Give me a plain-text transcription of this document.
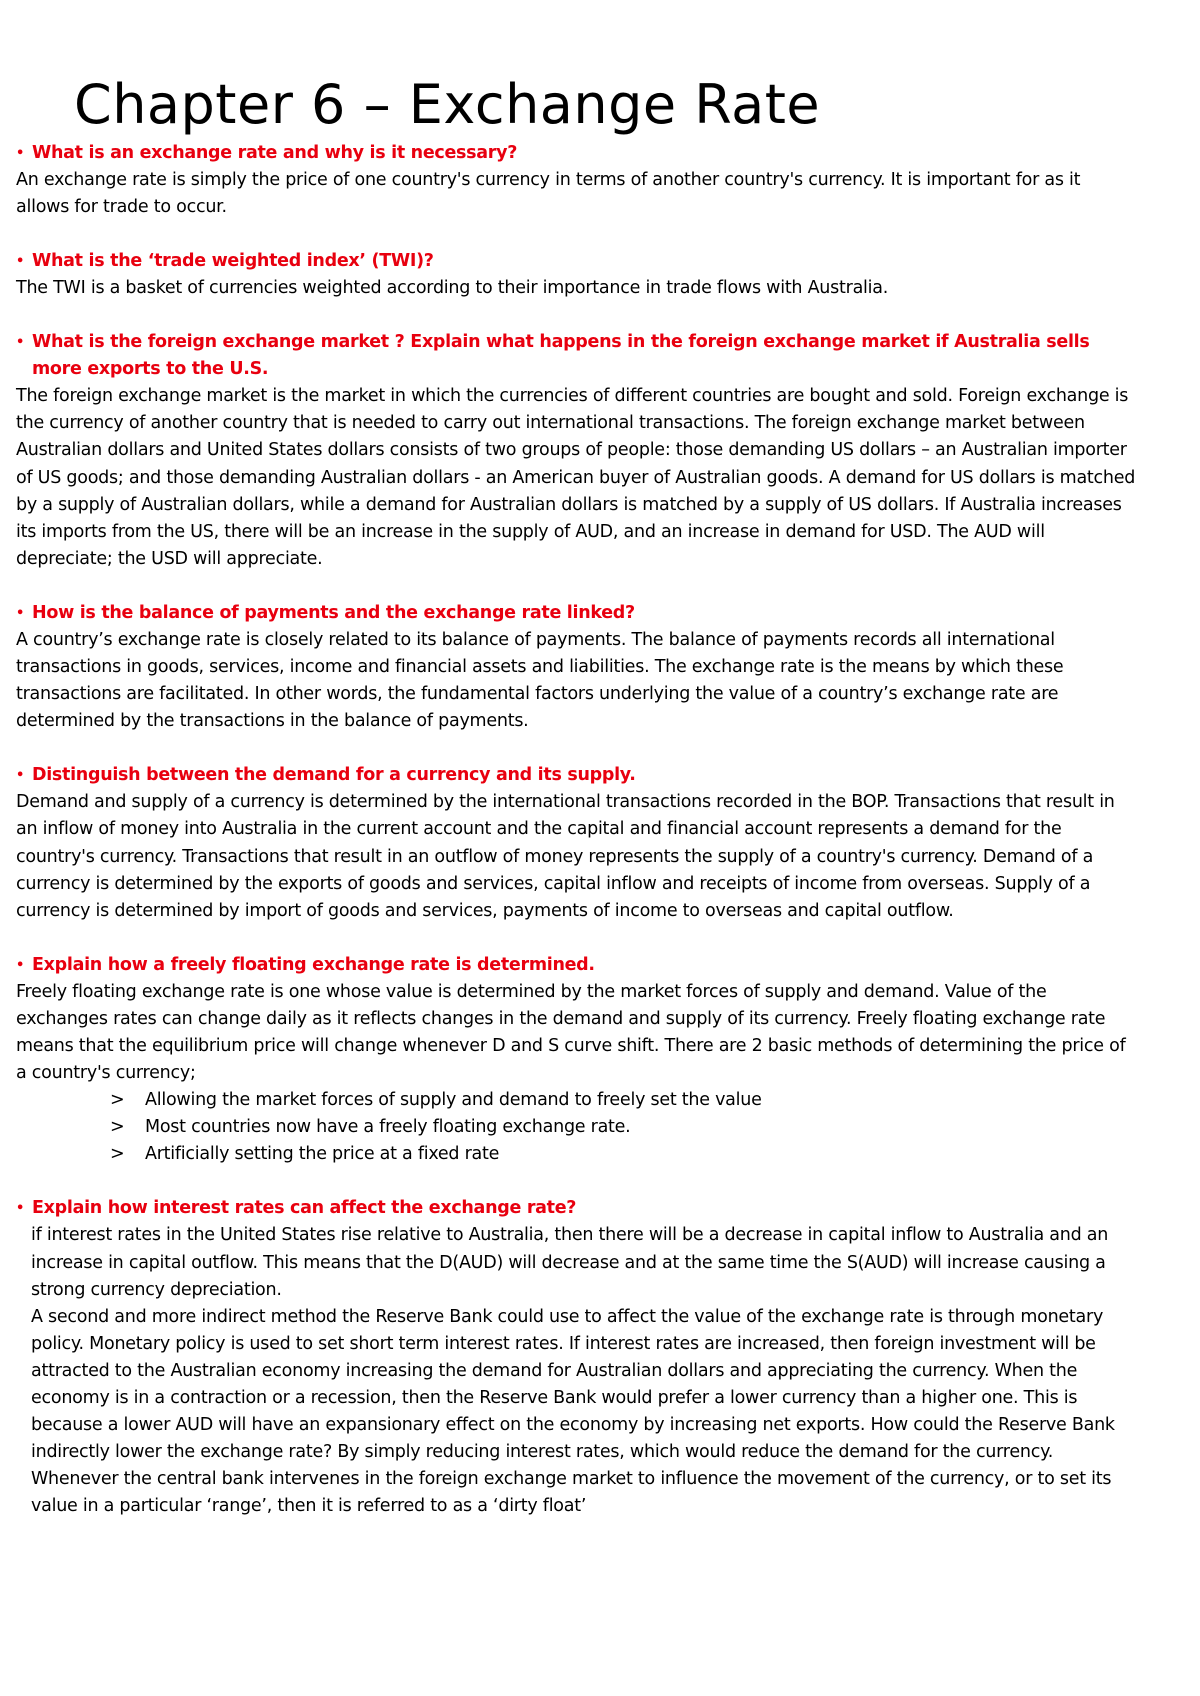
Chapter 6 – Exchange Rate
• What is an exchange rate and why is it necessary?

An exchange rate is simply the price of one country's currency in terms of another country's currency. It is important for as it allows for trade to occur.

• What is the ‘trade weighted index’ (TWI)?

The TWI is a basket of currencies weighted according to their importance in trade flows with Australia.

• What is the foreign exchange market ? Explain what happens in the foreign exchange market if Australia sells more exports to the U.S.

The foreign exchange market is the market in which the currencies of different countries are bought and sold. Foreign exchange is the currency of another country that is needed to carry out international transactions. The foreign exchange market between Australian dollars and United States dollars consists of two groups of people: those demanding US dollars – an Australian importer of US goods; and those demanding Australian dollars - an American buyer of Australian goods. A demand for US dollars is matched by a supply of Australian dollars, while a demand for Australian dollars is matched by a supply of US dollars. If Australia increases its imports from the US, there will be an increase in the supply of AUD, and an increase in demand for USD. The AUD will depreciate; the USD will appreciate.

• How is the balance of payments and the exchange rate linked?

A country’s exchange rate is closely related to its balance of payments. The balance of payments records all international transactions in goods, services, income and financial assets and liabilities. The exchange rate is the means by which these transactions are facilitated. In other words, the fundamental factors underlying the value of a country’s exchange rate are determined by the transactions in the balance of payments.

• Distinguish between the demand for a currency and its supply.

Demand and supply of a currency is determined by the international transactions recorded in the BOP. Transactions that result in an inflow of money into Australia in the current account and the capital and financial account represents a demand for the country's currency. Transactions that result in an outflow of money represents the supply of a country's currency. Demand of a currency is determined by the exports of goods and services, capital inflow and receipts of income from overseas. Supply of a currency is determined by import of goods and services, payments of income to overseas and capital outflow.

• Explain how a freely floating exchange rate is determined.

Freely floating exchange rate is one whose value is determined by the market forces of supply and demand. Value of the exchanges rates can change daily as it reflects changes in the demand and supply of its currency. Freely floating exchange rate means that the equilibrium price will change whenever D and S curve shift. There are 2 basic methods of determining the price of a country's currency;

> Allowing the market forces of supply and demand to freely set the value
> Most countries now have a freely floating exchange rate.
> Artificially setting the price at a fixed rate
• Explain how interest rates can affect the exchange rate?

if interest rates in the United States rise relative to Australia, then there will be a decrease in capital inflow to Australia and an increase in capital outflow. This means that the D(AUD) will decrease and at the same time the S(AUD) will increase causing a strong currency depreciation.

A second and more indirect method the Reserve Bank could use to affect the value of the exchange rate is through monetary policy. Monetary policy is used to set short term interest rates. If interest rates are increased, then foreign investment will be attracted to the Australian economy increasing the demand for Australian dollars and appreciating the currency. When the economy is in a contraction or a recession, then the Reserve Bank would prefer a lower currency than a higher one. This is because a lower AUD will have an expansionary effect on the economy by increasing net exports. How could the Reserve Bank indirectly lower the exchange rate? By simply reducing interest rates, which would reduce the demand for the currency.

Whenever the central bank intervenes in the foreign exchange market to influence the movement of the currency, or to set its value in a particular ‘range’, then it is referred to as a ‘dirty float’
